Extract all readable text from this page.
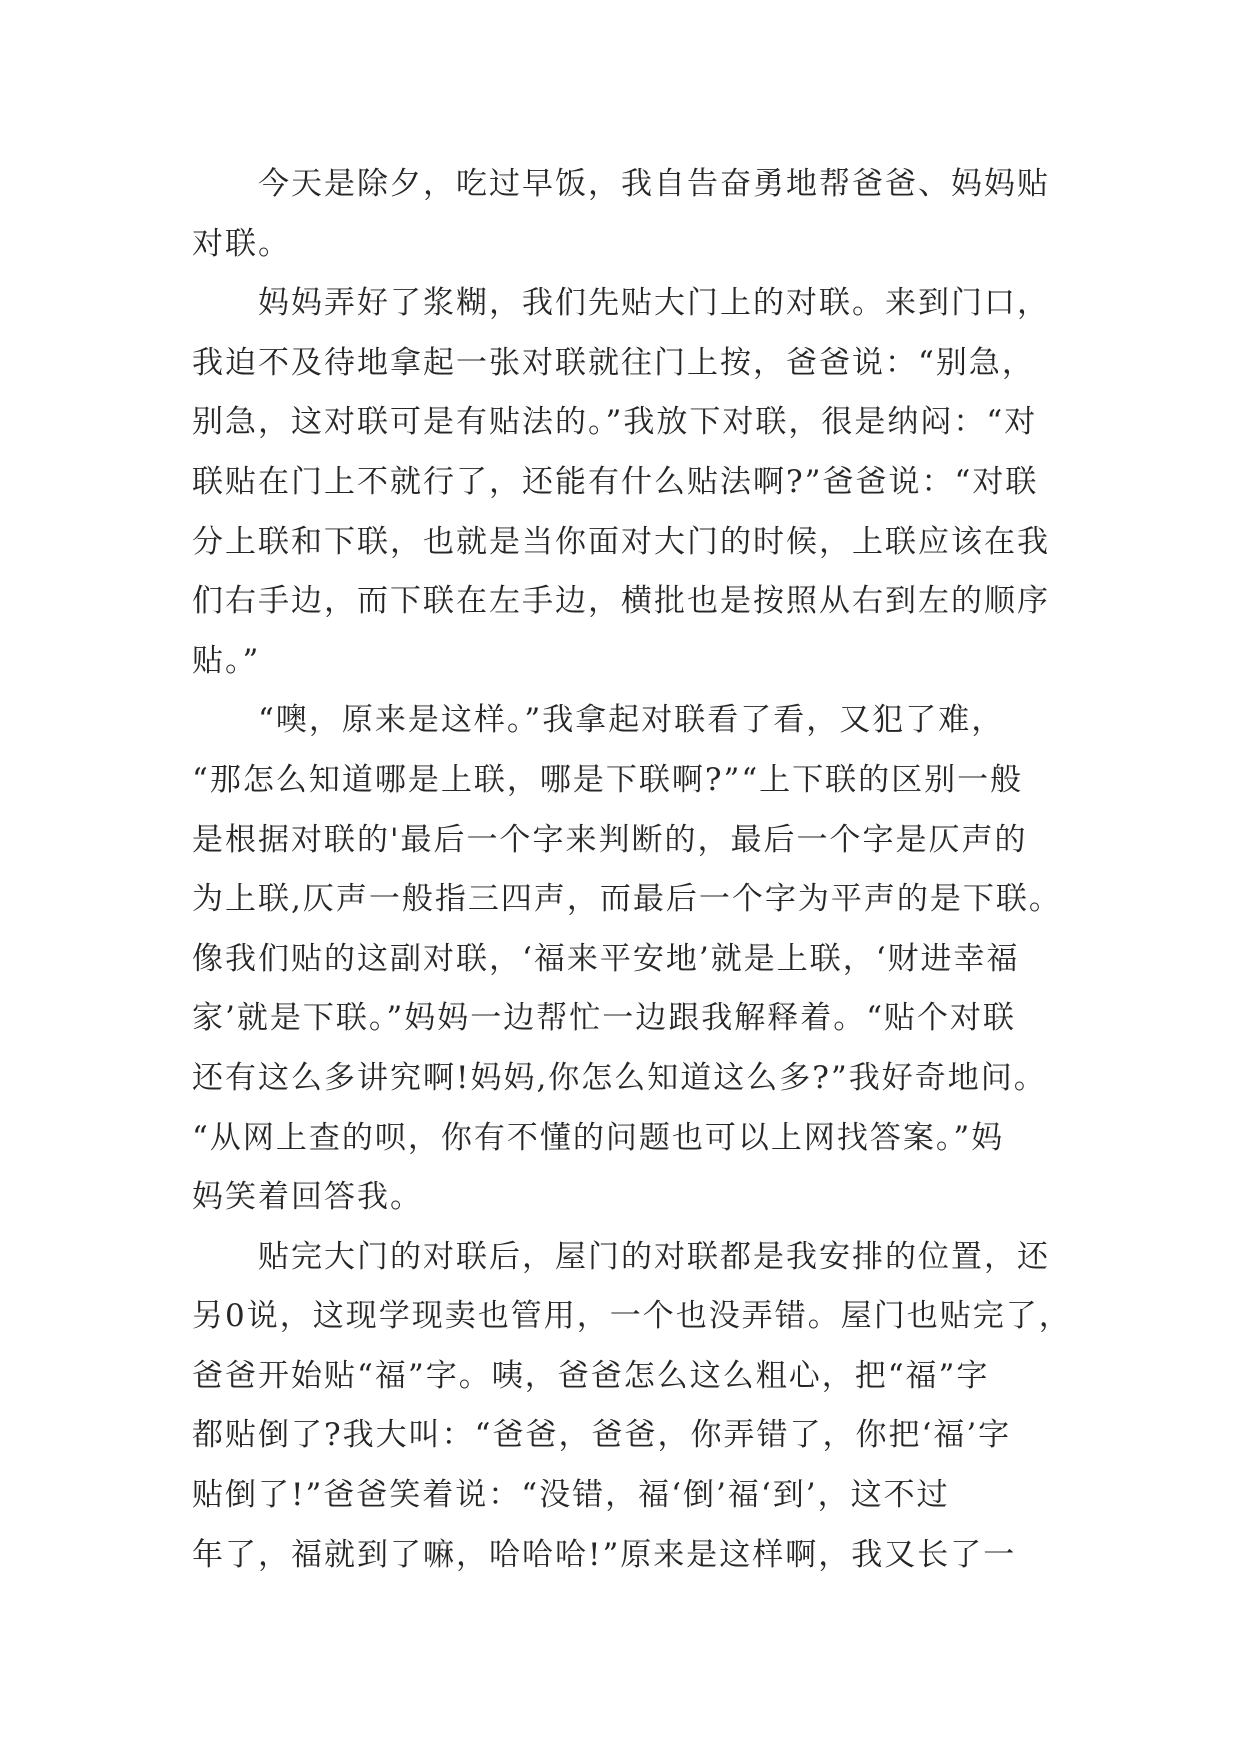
　　今天是除夕，吃过早饭，我自告奋勇地帮爸爸、妈妈贴
对联。
　　妈妈弄好了浆糊，我们先贴大门上的对联。来到门口，
我迫不及待地拿起一张对联就往门上按，爸爸说：“别急，
别急，这对联可是有贴法的。”我放下对联，很是纳闷：“对
联贴在门上不就行了，还能有什么贴法啊?”爸爸说：“对联
分上联和下联，也就是当你面对大门的时候，上联应该在我
们右手边，而下联在左手边，横批也是按照从右到左的顺序
贴。”
　　“噢，原来是这样。”我拿起对联看了看，又犯了难，
“那怎么知道哪是上联，哪是下联啊?”“上下联的区别一般
是根据对联的'最后一个字来判断的，最后一个字是仄声的
为上联,仄声一般指三四声，而最后一个字为平声的是下联。
像我们贴的这副对联，‘福来平安地’就是上联，‘财进幸福
家’就是下联。”妈妈一边帮忙一边跟我解释着。“贴个对联
还有这么多讲究啊!妈妈,你怎么知道这么多?”我好奇地问。
“从网上查的呗，你有不懂的问题也可以上网找答案。”妈
妈笑着回答我。
　　贴完大门的对联后，屋门的对联都是我安排的位置，还
另0说，这现学现卖也管用，一个也没弄错。屋门也贴完了，
爸爸开始贴“福”字。咦，爸爸怎么这么粗心，把“福”字
都贴倒了?我大叫：“爸爸，爸爸，你弄错了，你把‘福’字
贴倒了!”爸爸笑着说：“没错，福‘倒’福‘到’，这不过
年了，福就到了嘛，哈哈哈!”原来是这样啊，我又长了一
